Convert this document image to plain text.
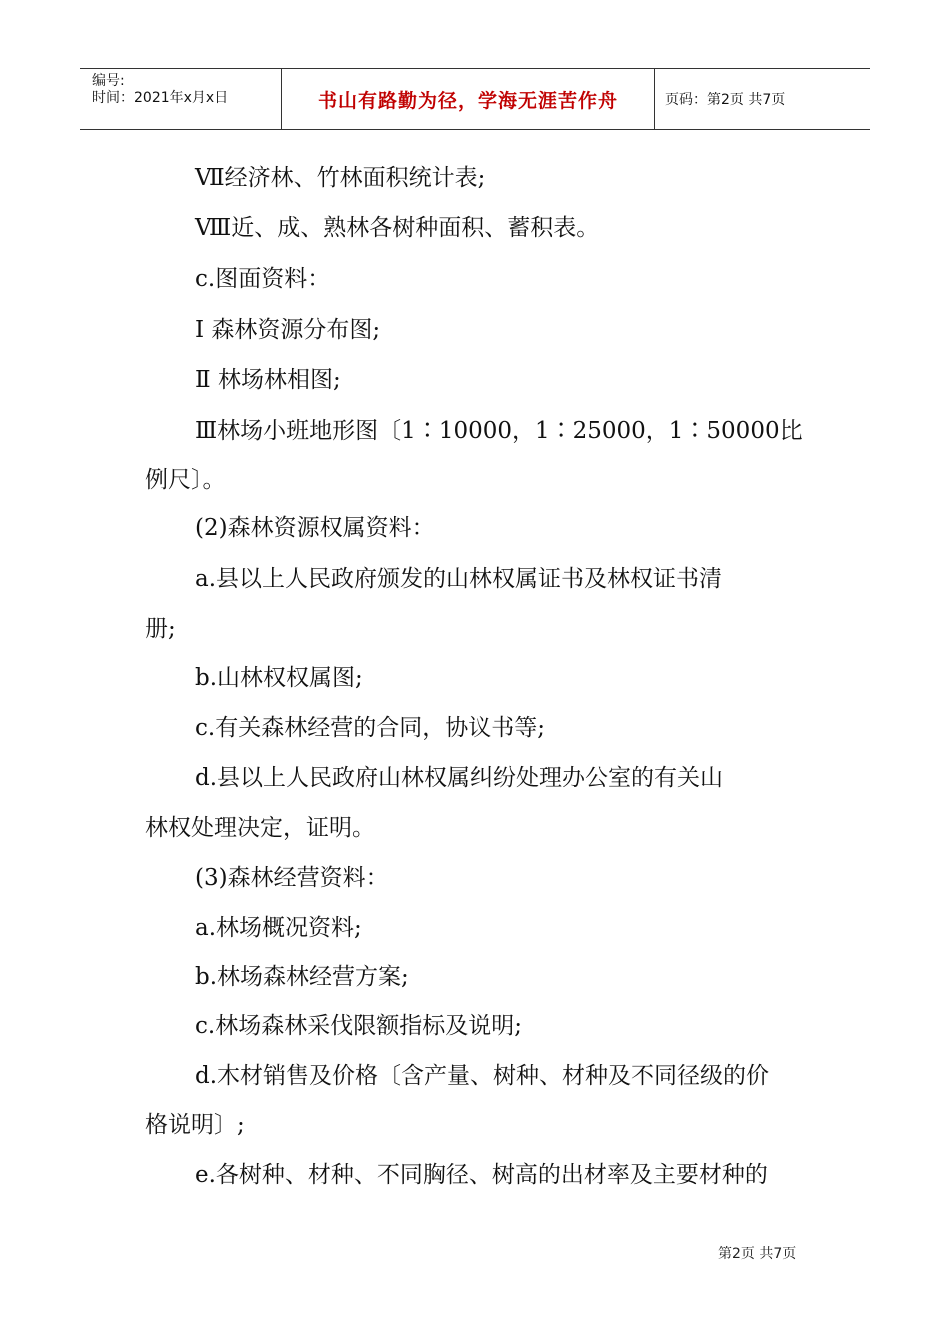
编号:
时间：2021年x月x日	书山有路勤为径，学海无涯苦作舟	页码：第2页 共7页
Ⅶ经济林、竹林面积统计表;
Ⅷ近、成、熟林各树种面积、蓄积表。
c.图面资料：
Ⅰ 森林资源分布图;
Ⅱ 林场林相图;
Ⅲ林场小班地形图〔1∶10000，1∶25000，1∶50000比
例尺〕。
(2)森林资源权属资料：
a.县以上人民政府颁发的山林权属证书及林权证书清
册;
b.山林权权属图;
c.有关森林经营的合同，协议书等;
d.县以上人民政府山林权属纠纷处理办公室的有关山
林权处理决定，证明。
(3)森林经营资料：
a.林场概况资料;
b.林场森林经营方案;
c.林场森林采伐限额指标及说明;
d.木材销售及价格〔含产量、树种、材种及不同径级的价
格说明〕;
e.各树种、材种、不同胸径、树高的出材率及主要材种的
第2页 共7页
